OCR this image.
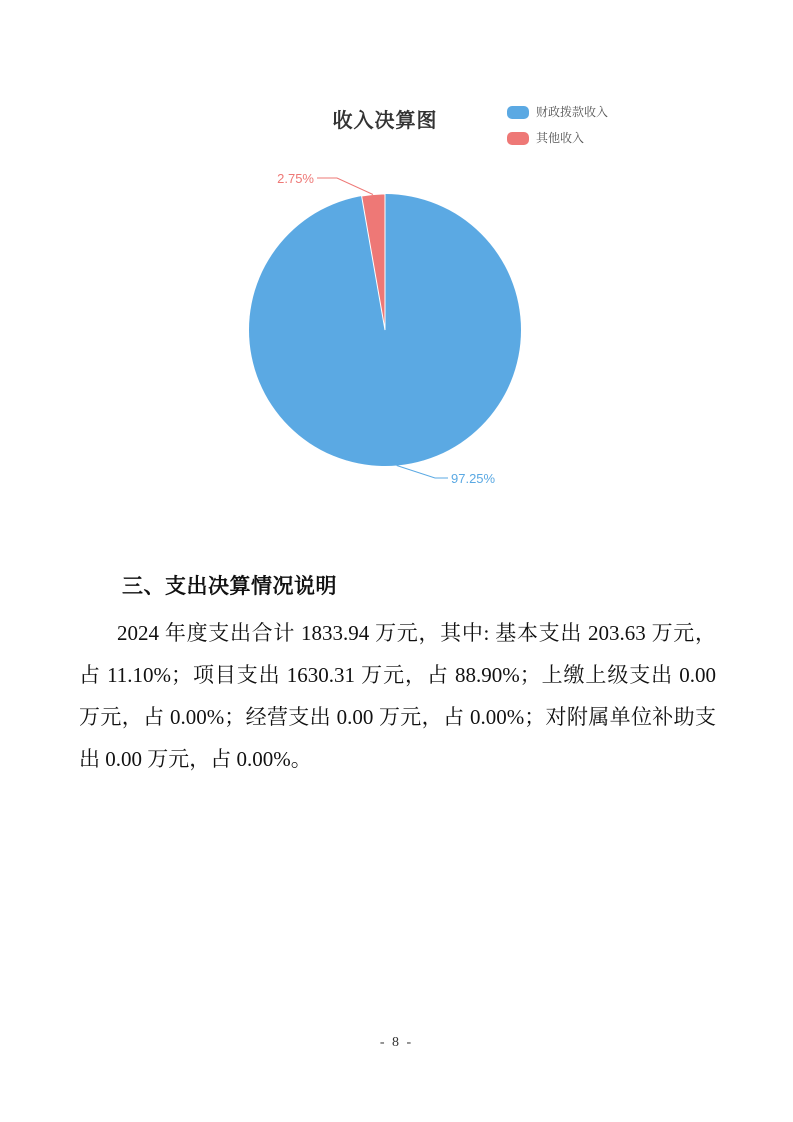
收入决算图	财政拨款收入
其他收入
2.75%
97.25%
三、支出决算情况说明
2024 年度支出合计 1833.94 万元，其中: 基本支出 203.63 万元，
占 11.10%；项目支出 1630.31 万元，占 88.90%；上缴上级支出 0.00
万元，占 0.00%；经营支出 0.00 万元，占 0.00%；对附属单位补助支
出 0.00 万元，占 0.00%。
- 8 -
